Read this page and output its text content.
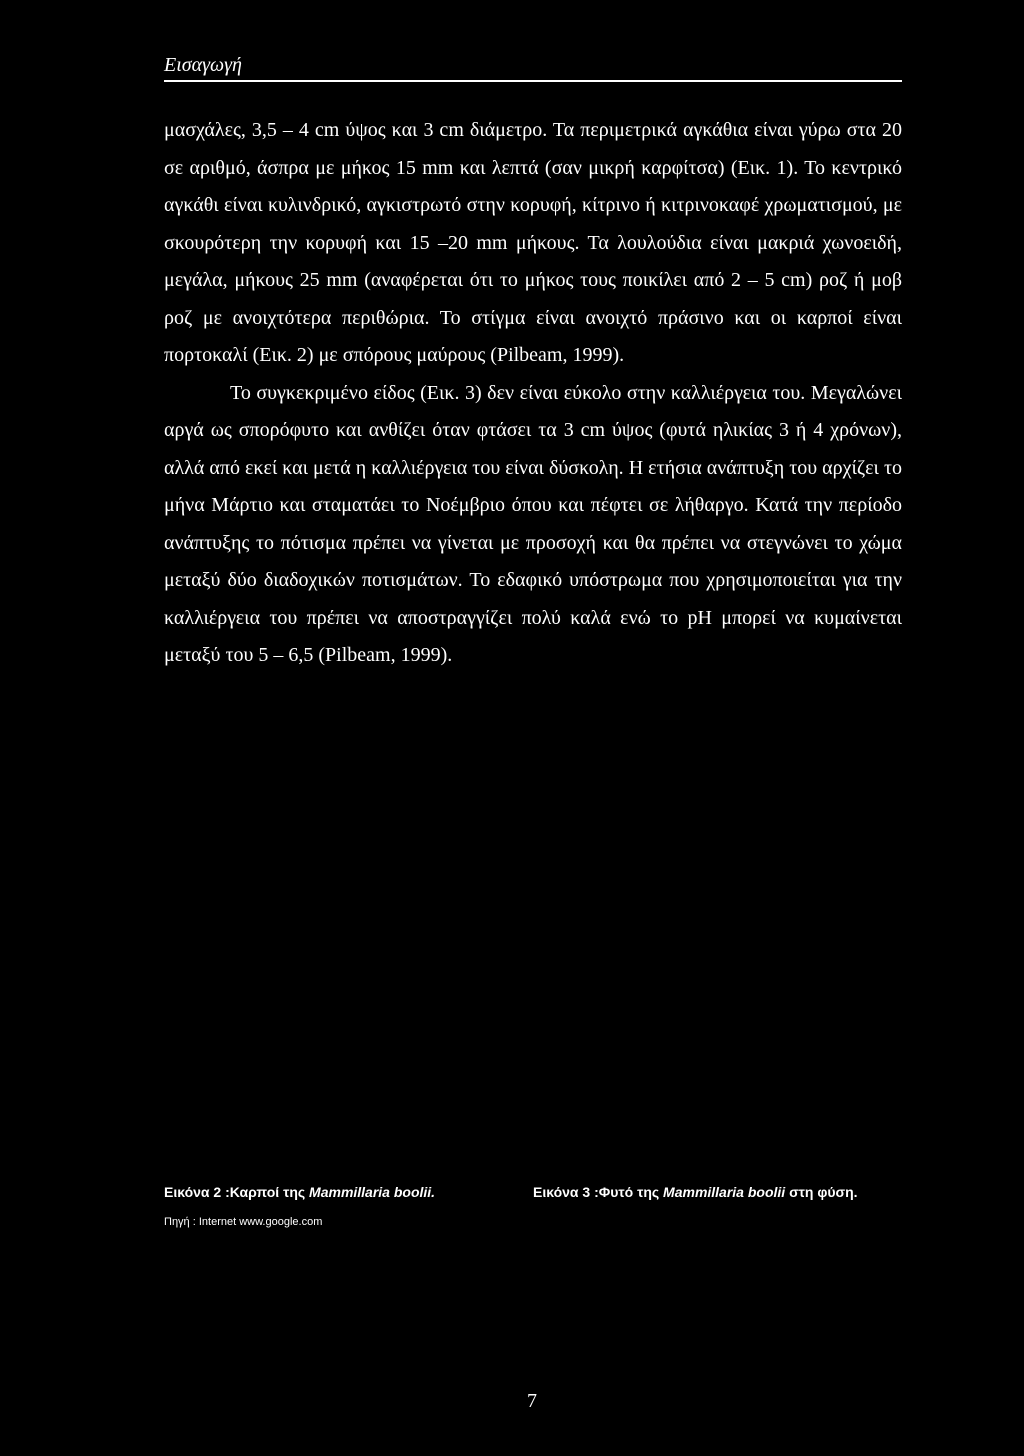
Εισαγωγή

μασχάλες, 3,5 – 4 cm ύψος και 3 cm διάμετρο. Τα περιμετρικά αγκάθια είναι γύρω στα 20 σε αριθμό, άσπρα με μήκος 15 mm και λεπτά (σαν μικρή καρφίτσα) (Εικ. 1). Το κεντρικό αγκάθι είναι κυλινδρικό, αγκιστρωτό στην κορυφή, κίτρινο ή κιτρινοκαφέ χρωματισμού, με σκουρότερη την κορυφή και 15 –20 mm μήκους. Τα λουλούδια είναι μακριά χωνοειδή, μεγάλα, μήκους 25 mm (αναφέρεται ότι το μήκος τους ποικίλει από 2 – 5 cm) ροζ ή μοβ ροζ με ανοιχτότερα περιθώρια. Το στίγμα είναι ανοιχτό πράσινο και οι καρποί είναι πορτοκαλί (Εικ. 2) με σπόρους μαύρους (Pilbeam, 1999).

Το συγκεκριμένο είδος (Εικ. 3) δεν είναι εύκολο στην καλλιέργεια του. Μεγαλώνει αργά ως σπορόφυτο και ανθίζει όταν φτάσει τα 3 cm ύψος (φυτά ηλικίας 3 ή 4 χρόνων), αλλά από εκεί και μετά η καλλιέργεια του είναι δύσκολη. Η ετήσια ανάπτυξη του αρχίζει το μήνα Μάρτιο και σταματάει το Νοέμβριο όπου και πέφτει σε λήθαργο. Κατά την περίοδο ανάπτυξης το πότισμα πρέπει να γίνεται με προσοχή και θα πρέπει να στεγνώνει το χώμα μεταξύ δύο διαδοχικών ποτισμάτων. Το εδαφικό υπόστρωμα που χρησιμοποιείται για την καλλιέργεια του πρέπει να αποστραγγίζει πολύ καλά ενώ το pH μπορεί να κυμαίνεται μεταξύ του 5 – 6,5 (Pilbeam, 1999).

Εικόνα 2 :Καρποί της Mammillaria boolii.	Εικόνα 3 :Φυτό της Mammillaria boolii στη φύση.
Πηγή : Internet www.google.com
7
